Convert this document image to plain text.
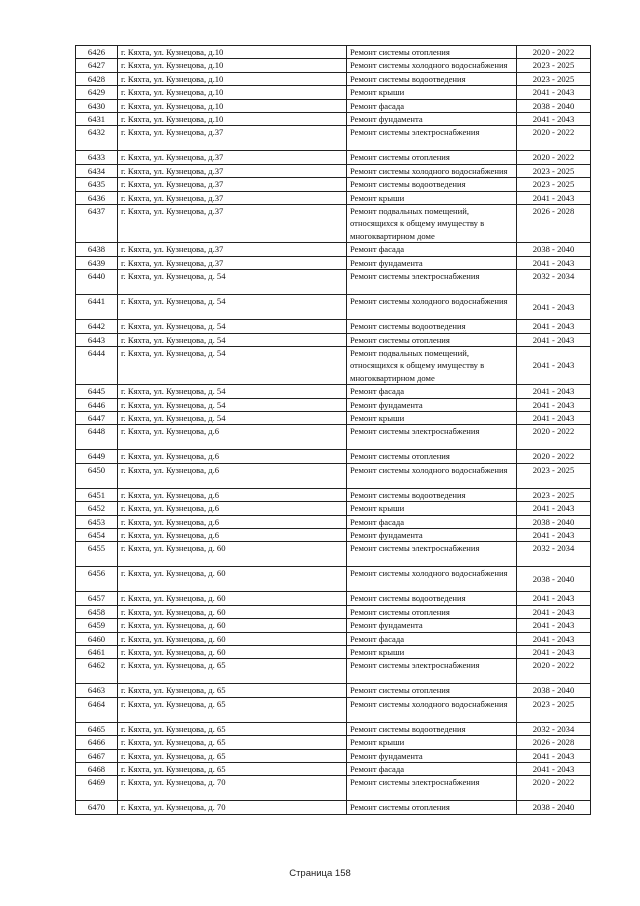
6426	г. Кяхта, ул. Кузнецова, д.10	Ремонт системы отопления	2020 - 2022
6427	г. Кяхта, ул. Кузнецова, д.10	Ремонт системы холодного водоснабжения	2023 - 2025
6428	г. Кяхта, ул. Кузнецова, д.10	Ремонт системы водоотведения	2023 - 2025
6429	г. Кяхта, ул. Кузнецова, д.10	Ремонт крыши	2041 - 2043
6430	г. Кяхта, ул. Кузнецова, д.10	Ремонт фасада	2038 - 2040
6431	г. Кяхта, ул. Кузнецова, д.10	Ремонт фундамента	2041 - 2043
6432	г. Кяхта, ул. Кузнецова, д.37	Ремонт системы электроснабжения	2020 - 2022
6433	г. Кяхта, ул. Кузнецова, д.37	Ремонт системы отопления	2020 - 2022
6434	г. Кяхта, ул. Кузнецова, д.37	Ремонт системы холодного водоснабжения	2023 - 2025
6435	г. Кяхта, ул. Кузнецова, д.37	Ремонт системы водоотведения	2023 - 2025
6436	г. Кяхта, ул. Кузнецова, д.37	Ремонт крыши	2041 - 2043
6437	г. Кяхта, ул. Кузнецова, д.37	Ремонт подвальных помещений, относящихся к общему имуществу в многоквартирном доме	2026 - 2028
6438	г. Кяхта, ул. Кузнецова, д.37	Ремонт фасада	2038 - 2040
6439	г. Кяхта, ул. Кузнецова, д.37	Ремонт фундамента	2041 - 2043
6440	г. Кяхта, ул. Кузнецова, д. 54	Ремонт системы электроснабжения	2032 - 2034
6441	г. Кяхта, ул. Кузнецова, д. 54	Ремонт системы холодного водоснабжения	2041 - 2043
6442	г. Кяхта, ул. Кузнецова, д. 54	Ремонт системы водоотведения	2041 - 2043
6443	г. Кяхта, ул. Кузнецова, д. 54	Ремонт системы отопления	2041 - 2043
6444	г. Кяхта, ул. Кузнецова, д. 54	Ремонт подвальных помещений, относящихся к общему имуществу в многоквартирном доме	2041 - 2043
6445	г. Кяхта, ул. Кузнецова, д. 54	Ремонт фасада	2041 - 2043
6446	г. Кяхта, ул. Кузнецова, д. 54	Ремонт фундамента	2041 - 2043
6447	г. Кяхта, ул. Кузнецова, д. 54	Ремонт крыши	2041 - 2043
6448	г. Кяхта, ул. Кузнецова, д.6	Ремонт системы электроснабжения	2020 - 2022
6449	г. Кяхта, ул. Кузнецова, д.6	Ремонт системы отопления	2020 - 2022
6450	г. Кяхта, ул. Кузнецова, д.6	Ремонт системы холодного водоснабжения	2023 - 2025
6451	г. Кяхта, ул. Кузнецова, д.6	Ремонт системы водоотведения	2023 - 2025
6452	г. Кяхта, ул. Кузнецова, д.6	Ремонт крыши	2041 - 2043
6453	г. Кяхта, ул. Кузнецова, д.6	Ремонт фасада	2038 - 2040
6454	г. Кяхта, ул. Кузнецова, д.6	Ремонт фундамента	2041 - 2043
6455	г. Кяхта, ул. Кузнецова, д. 60	Ремонт системы электроснабжения	2032 - 2034
6456	г. Кяхта, ул. Кузнецова, д. 60	Ремонт системы холодного водоснабжения	2038 - 2040
6457	г. Кяхта, ул. Кузнецова, д. 60	Ремонт системы водоотведения	2041 - 2043
6458	г. Кяхта, ул. Кузнецова, д. 60	Ремонт системы отопления	2041 - 2043
6459	г. Кяхта, ул. Кузнецова, д. 60	Ремонт фундамента	2041 - 2043
6460	г. Кяхта, ул. Кузнецова, д. 60	Ремонт фасада	2041 - 2043
6461	г. Кяхта, ул. Кузнецова, д. 60	Ремонт крыши	2041 - 2043
6462	г. Кяхта, ул. Кузнецова, д. 65	Ремонт системы электроснабжения	2020 - 2022
6463	г. Кяхта, ул. Кузнецова, д. 65	Ремонт системы отопления	2038 - 2040
6464	г. Кяхта, ул. Кузнецова, д. 65	Ремонт системы холодного водоснабжения	2023 - 2025
6465	г. Кяхта, ул. Кузнецова, д. 65	Ремонт системы водоотведения	2032 - 2034
6466	г. Кяхта, ул. Кузнецова, д. 65	Ремонт крыши	2026 - 2028
6467	г. Кяхта, ул. Кузнецова, д. 65	Ремонт фундамента	2041 - 2043
6468	г. Кяхта, ул. Кузнецова, д. 65	Ремонт фасада	2041 - 2043
6469	г. Кяхта, ул. Кузнецова, д. 70	Ремонт системы электроснабжения	2020 - 2022
6470	г. Кяхта, ул. Кузнецова, д. 70	Ремонт системы отопления	2038 - 2040
Страница 158
